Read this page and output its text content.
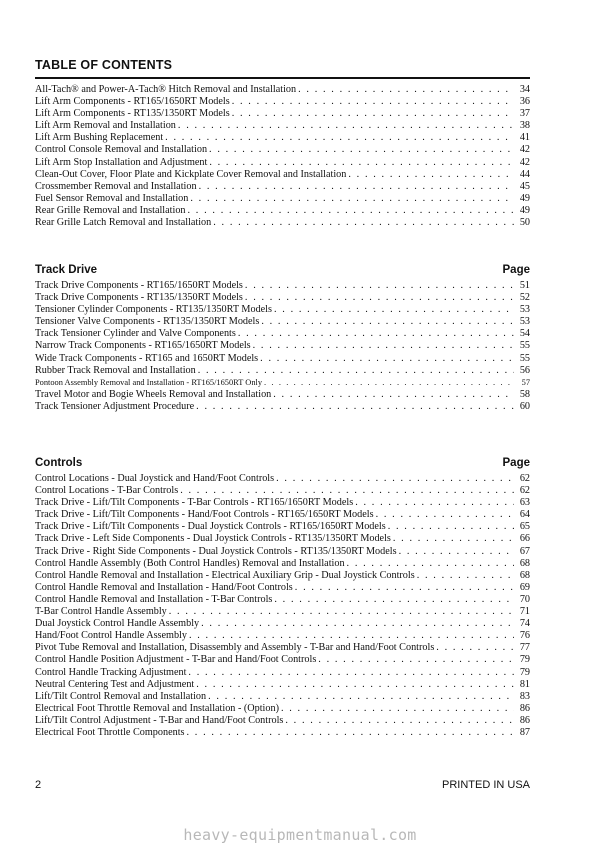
TABLE OF CONTENTS
All-Tach® and Power-A-Tach® Hitch Removal and Installation . . .	34
Lift Arm Components - RT165/1650RT Models . . .	36
Lift Arm Components - RT135/1350RT Models . . .	37
Lift Arm Removal and Installation . . .	38
Lift Arm Bushing Replacement . . .	41
Control Console Removal and Installation . . .	42
Lift Arm Stop Installation and Adjustment . . .	42
Clean-Out Cover, Floor Plate and Kickplate Cover Removal and Installation . . .	44
Crossmember Removal and Installation . . .	45
Fuel Sensor Removal and Installation . . .	49
Rear Grille Removal and Installation . . .	49
Rear Grille Latch Removal and Installation . . .	50
Track Drive	Page
Track Drive Components - RT165/1650RT Models . . .	51
Track Drive Components - RT135/1350RT Models . . .	52
Tensioner Cylinder Components - RT135/1350RT Models . . .	53
Tensioner Valve Components - RT135/1350RT Models . . .	53
Track Tensioner Cylinder and Valve Components . . .	54
Narrow Track Components - RT165/1650RT Models . . .	55
Wide Track Components - RT165 and 1650RT Models . . .	55
Rubber Track Removal and Installation . . .	56
Pontoon Assembly Removal and Installation - RT165/1650RT Only . . .	57
Travel Motor and Bogie Wheels Removal and Installation . . .	58
Track Tensioner Adjustment Procedure . . .	60
Controls	Page
Control Locations - Dual Joystick and Hand/Foot Controls . . .	62
Control Locations - T-Bar Controls . . .	62
Track Drive - Lift/Tilt Components - T-Bar Controls - RT165/1650RT Models . . .	63
Track Drive - Lift/Tilt Components - Hand/Foot Controls - RT165/1650RT Models . . .	64
Track Drive - Lift/Tilt Components - Dual Joystick Controls - RT165/1650RT Models . . .	65
Track Drive - Left Side Components - Dual Joystick Controls - RT135/1350RT Models . . .	66
Track Drive - Right Side Components - Dual Joystick Controls - RT135/1350RT Models . . .	67
Control Handle Assembly (Both Control Handles) Removal and Installation . . .	68
Control Handle Removal and Installation - Electrical Auxiliary Grip - Dual Joystick Controls . . .	68
Control Handle Removal and Installation - Hand/Foot Controls . . .	69
Control Handle Removal and Installation - T-Bar Controls . . .	70
T-Bar Control Handle Assembly . . .	71
Dual Joystick Control Handle Assembly . . .	74
Hand/Foot Control Handle Assembly . . .	76
Pivot Tube Removal and Installation, Disassembly and Assembly - T-Bar and Hand/Foot Controls . . .	77
Control Handle Position Adjustment - T-Bar and Hand/Foot Controls . . .	79
Control Handle Tracking Adjustment . . .	79
Neutral Centering Test and Adjustment . . .	81
Lift/Tilt Control Removal and Installation . . .	83
Electrical Foot Throttle Removal and Installation - (Option) . . .	86
Lift/Tilt Control Adjustment - T-Bar and Hand/Foot Controls . . .	86
Electrical Foot Throttle Components . . .	87
2	PRINTED IN USA
heavy-equipmentmanual.com
